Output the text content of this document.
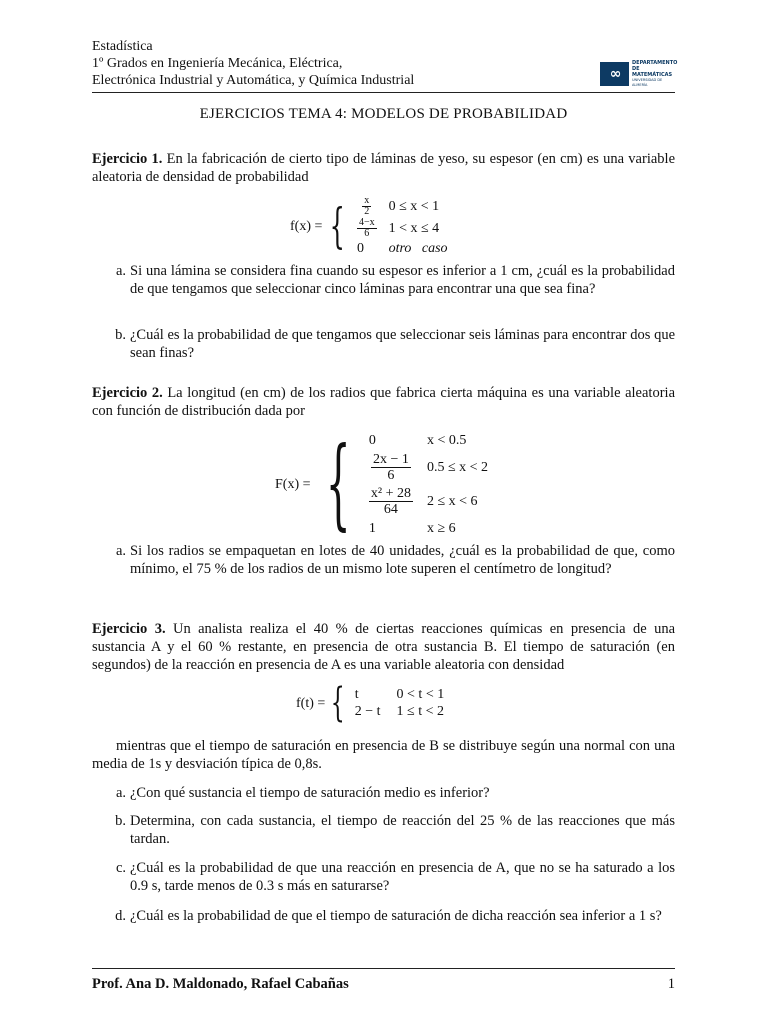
Estadística
1º Grados en Ingeniería Mecánica, Eléctrica,
Electrónica Industrial y Automática, y Química Industrial	∞
DEPARTAMENTO DE MATEMÁTICAS
UNIVERSIDAD DE ALMERÍA
EJERCICIOS TEMA 4: MODELOS DE PROBABILIDAD
Ejercicio 1. En la fabricación de cierto tipo de láminas de yeso, su espesor (en cm) es una variable aleatoria de densidad de probabilidad
f(x) = { $\frac{x}{2} 0 \le x < 1$
$\frac{4-x}{6} 1 < x \le 4$
0	otro   caso
a. Si una lámina se considera fina cuando su espesor es inferior a 1 cm, ¿cuál es la probabilidad de que tengamos que seleccionar cinco láminas para encontrar una que sea fina?
b. ¿Cuál es la probabilidad de que tengamos que seleccionar seis láminas para encontrar dos que sean finas?
Ejercicio 2. La longitud (en cm) de los radios que fabrica cierta máquina es una variable aleatoria con función de distribución dada por
F(x) = { 0	x < 0.5
$\frac{2x - 1}{6} 0.5 \le x < 2$
$\frac{\text{x² + 28}}{64} 2 \le x < 6$
1	x ≥ 6
a. Si los radios se empaquetan en lotes de 40 unidades, ¿cuál es la probabilidad de que, como mínimo, el 75 % de los radios de un mismo lote superen el centímetro de longitud?
Ejercicio 3. Un analista realiza el 40 % de ciertas reacciones químicas en presencia de una sustancia A y el 60 % restante, en presencia de otra sustancia B. El tiempo de saturación (en segundos) de la reacción en presencia de A es una variable aleatoria con densidad
f(t) = { t	0 < t < 1
2 − t 1 ≤ t < 2
mientras que el tiempo de saturación en presencia de B se distribuye según una normal con una media de 1s y desviación típica de 0,8s.
a. ¿Con qué sustancia el tiempo de saturación medio es inferior?
b. Determina, con cada sustancia, el tiempo de reacción del 25 % de las reacciones que más tardan.
c. ¿Cuál es la probabilidad de que una reacción en presencia de A, que no se ha saturado a los 0.9 s, tarde menos de 0.3 s más en saturarse?
d. ¿Cuál es la probabilidad de que el tiempo de saturación de dicha reacción sea inferior a 1 s?
Prof. Ana D. Maldonado, Rafael Cabañas	1
